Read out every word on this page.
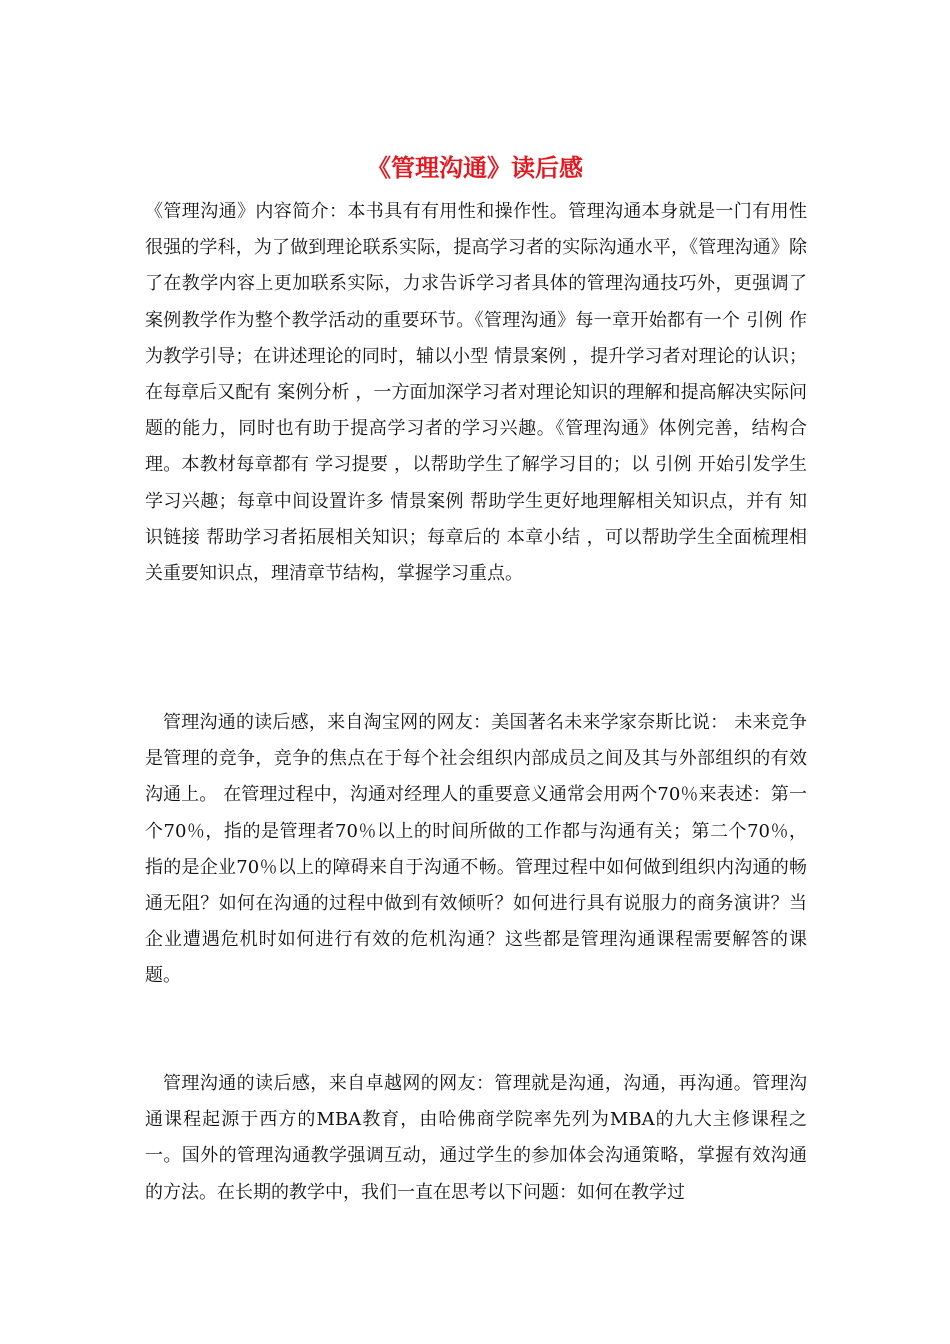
《管理沟通》读后感

《管理沟通》内容简介：本书具有有用性和操作性。管理沟通本身就是一门有用性很强的学科，为了做到理论联系实际，提高学习者的实际沟通水平，《管理沟通》除了在教学内容上更加联系实际，力求告诉学习者具体的管理沟通技巧外，更强调了案例教学作为整个教学活动的重要环节。《管理沟通》每一章开始都有一个 引例 作为教学引导；在讲述理论的同时，辅以小型 情景案例 ，提升学习者对理论的认识；在每章后又配有 案例分析 ，一方面加深学习者对理论知识的理解和提高解决实际问题的能力，同时也有助于提高学习者的学习兴趣。《管理沟通》体例完善，结构合理。本教材每章都有 学习提要 ，以帮助学生了解学习目的；以 引例 开始引发学生学习兴趣；每章中间设置许多 情景案例 帮助学生更好地理解相关知识点，并有 知识链接 帮助学习者拓展相关知识；每章后的 本章小结 ，可以帮助学生全面梳理相关重要知识点，理清章节结构，掌握学习重点。

管理沟通的读后感，来自淘宝网的网友：美国著名未来学家奈斯比说： 未来竞争是管理的竞争，竞争的焦点在于每个社会组织内部成员之间及其与外部组织的有效沟通上。 在管理过程中，沟通对经理人的重要意义通常会用两个70％来表述：第一个70％，指的是管理者70％以上的时间所做的工作都与沟通有关；第二个70％，指的是企业70％以上的障碍来自于沟通不畅。管理过程中如何做到组织内沟通的畅通无阻？如何在沟通的过程中做到有效倾听？如何进行具有说服力的商务演讲？当企业遭遇危机时如何进行有效的危机沟通？这些都是管理沟通课程需要解答的课题。

管理沟通的读后感，来自卓越网的网友：管理就是沟通，沟通，再沟通。管理沟通课程起源于西方的MBA教育，由哈佛商学院率先列为MBA的九大主修课程之一。国外的管理沟通教学强调互动，通过学生的参加体会沟通策略，掌握有效沟通的方法。在长期的教学中，我们一直在思考以下问题：如何在教学过
